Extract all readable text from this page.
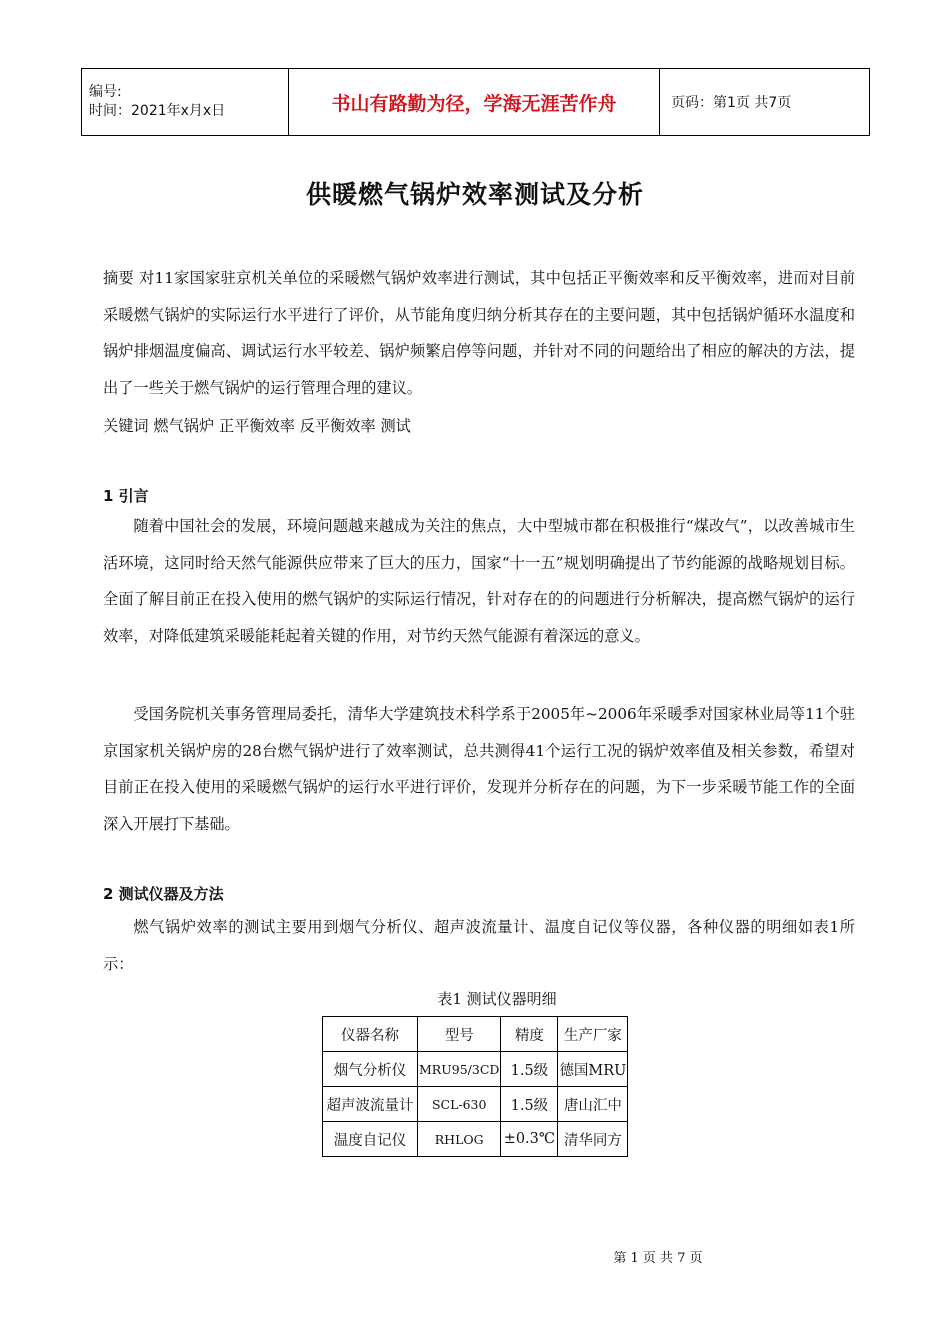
编号:
时间：2021年x月x日	书山有路勤为径，学海无涯苦作舟	页码：第1页 共7页
供暖燃气锅炉效率测试及分析
摘要 对11家国家驻京机关单位的采暖燃气锅炉效率进行测试，其中包括正平衡效率和反平衡效率，进而对目前采暖燃气锅炉的实际运行水平进行了评价，从节能角度归纳分析其存在的主要问题，其中包括锅炉循环水温度和锅炉排烟温度偏高、调试运行水平较差、锅炉频繁启停等问题，并针对不同的问题给出了相应的解决的方法，提出了一些关于燃气锅炉的运行管理合理的建议。
关键词 燃气锅炉 正平衡效率 反平衡效率 测试
1 引言
随着中国社会的发展，环境问题越来越成为关注的焦点，大中型城市都在积极推行“煤改气”，以改善城市生活环境，这同时给天然气能源供应带来了巨大的压力，国家“十一五”规划明确提出了节约能源的战略规划目标。全面了解目前正在投入使用的燃气锅炉的实际运行情况，针对存在的的问题进行分析解决，提高燃气锅炉的运行效率，对降低建筑采暖能耗起着关键的作用，对节约天然气能源有着深远的意义。
受国务院机关事务管理局委托，清华大学建筑技术科学系于2005年~2006年采暖季对国家林业局等11个驻京国家机关锅炉房的28台燃气锅炉进行了效率测试，总共测得41个运行工况的锅炉效率值及相关参数，希望对目前正在投入使用的采暖燃气锅炉的运行水平进行评价，发现并分析存在的问题，为下一步采暖节能工作的全面深入开展打下基础。
2 测试仪器及方法
燃气锅炉效率的测试主要用到烟气分析仪、超声波流量计、温度自记仪等仪器，各种仪器的明细如表1所示：
表1 测试仪器明细
仪器名称	型号	精度	生产厂家
烟气分析仪	MRU95/3CD	1.5级	德国MRU
超声波流量计	SCL-630	1.5级	唐山汇中
温度自记仪	RHLOG	±0.3℃	清华同方
第 1 页 共 7 页
